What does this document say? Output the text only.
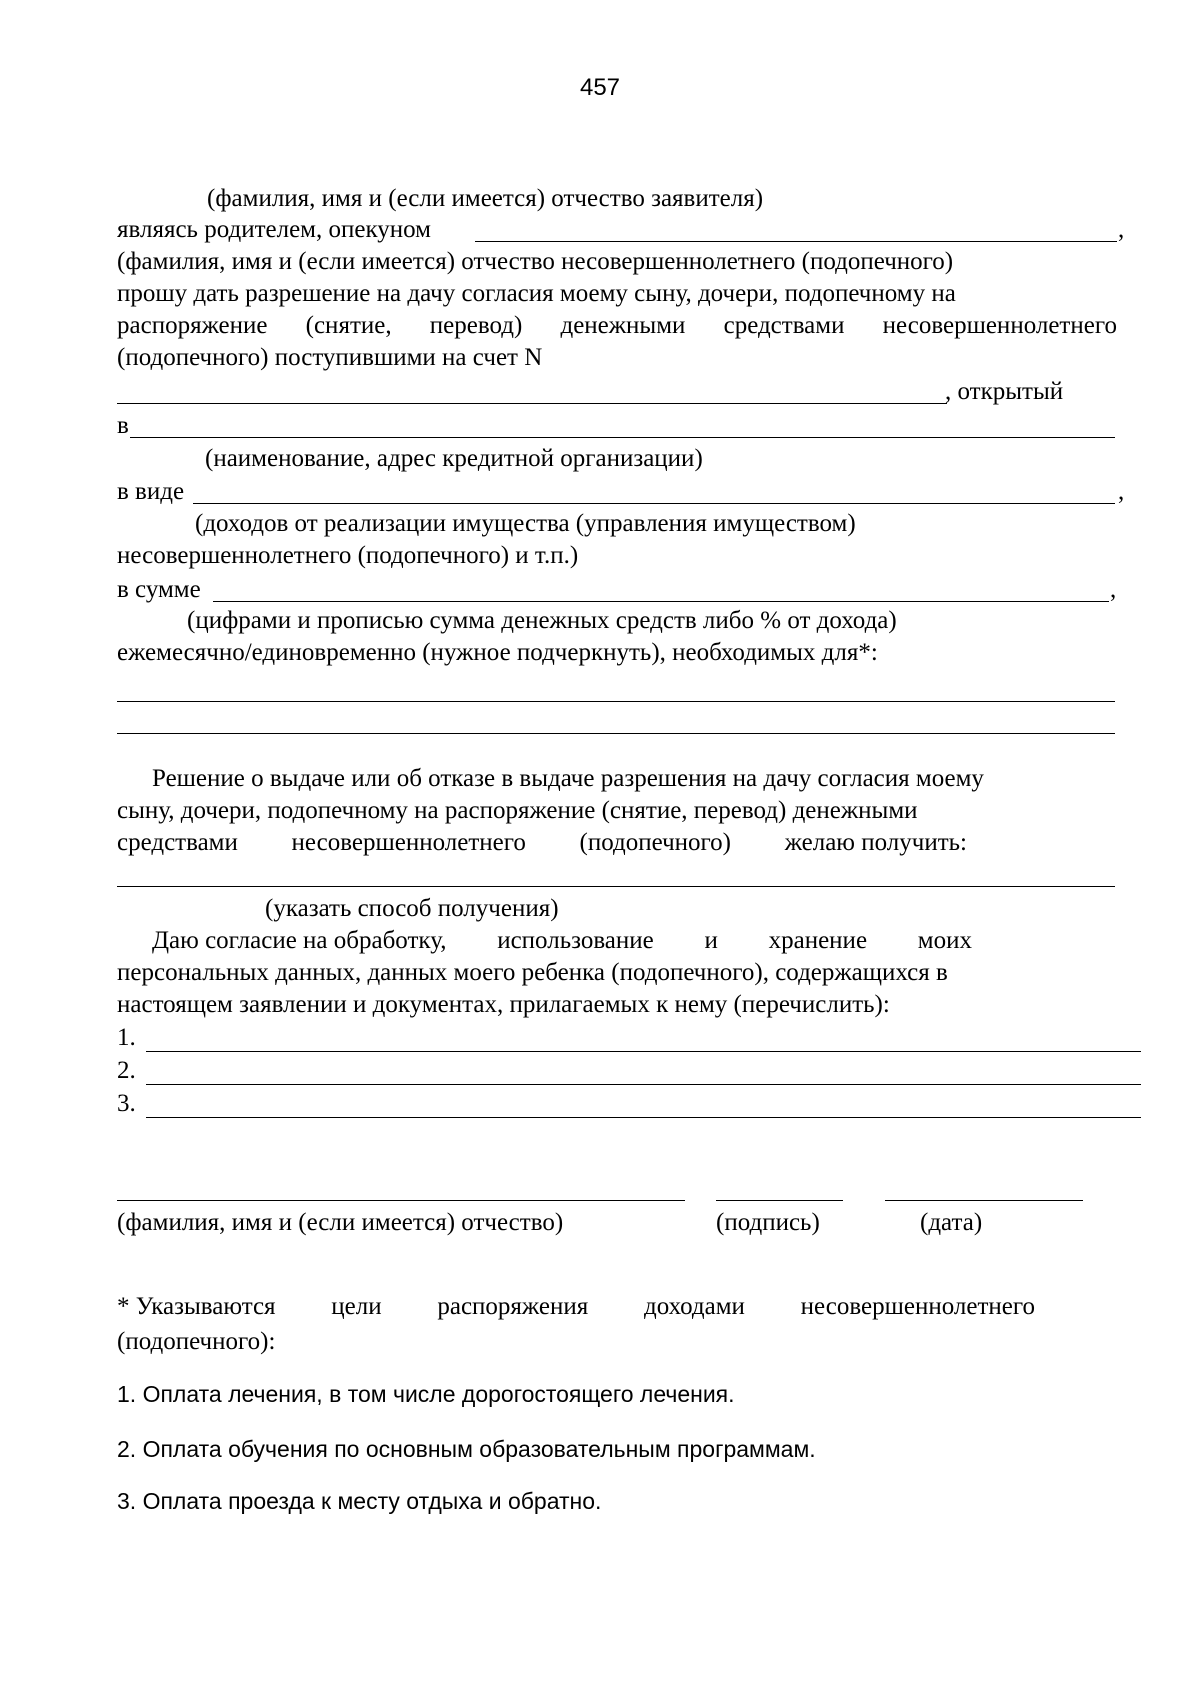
457
(фамилия, имя и (если имеется) отчество заявителя)
являясь родителем, опекуном	,
(фамилия, имя и (если имеется) отчество несовершеннолетнего (подопечного)
прошу дать разрешение на дачу согласия моему сыну, дочери, подопечному на
распоряжение (снятие, перевод) денежными средствами несовершеннолетнего
(подопечного) поступившими на счет N
, открытый
в
(наименование, адрес кредитной организации)
в виде	,
(доходов от реализации имущества (управления имуществом)
несовершеннолетнего (подопечного) и т.п.)
в сумме	,
(цифрами и прописью сумма денежных средств либо % от дохода)
ежемесячно/единовременно (нужное подчеркнуть), необходимых для*:
Решение о выдаче или об отказе в выдаче разрешения на дачу согласия моему
сыну, дочери, подопечному на распоряжение (снятие, перевод) денежными
средствами несовершеннолетнего (подопечного) желаю получить:
(указать способ получения)
Даю согласие на обработку, использование и хранение моих
персональных данных, данных моего ребенка (подопечного), содержащихся в
настоящем заявлении и документах, прилагаемых к нему (перечислить):
1.
2.
3.
(фамилия, имя и (если имеется) отчество)	(подпись)	(дата)
* Указываются цели распоряжения доходами несовершеннолетнего
(подопечного):
1. Оплата лечения, в том числе дорогостоящего лечения.
2. Оплата обучения по основным образовательным программам.
3. Оплата проезда к месту отдыха и обратно.
